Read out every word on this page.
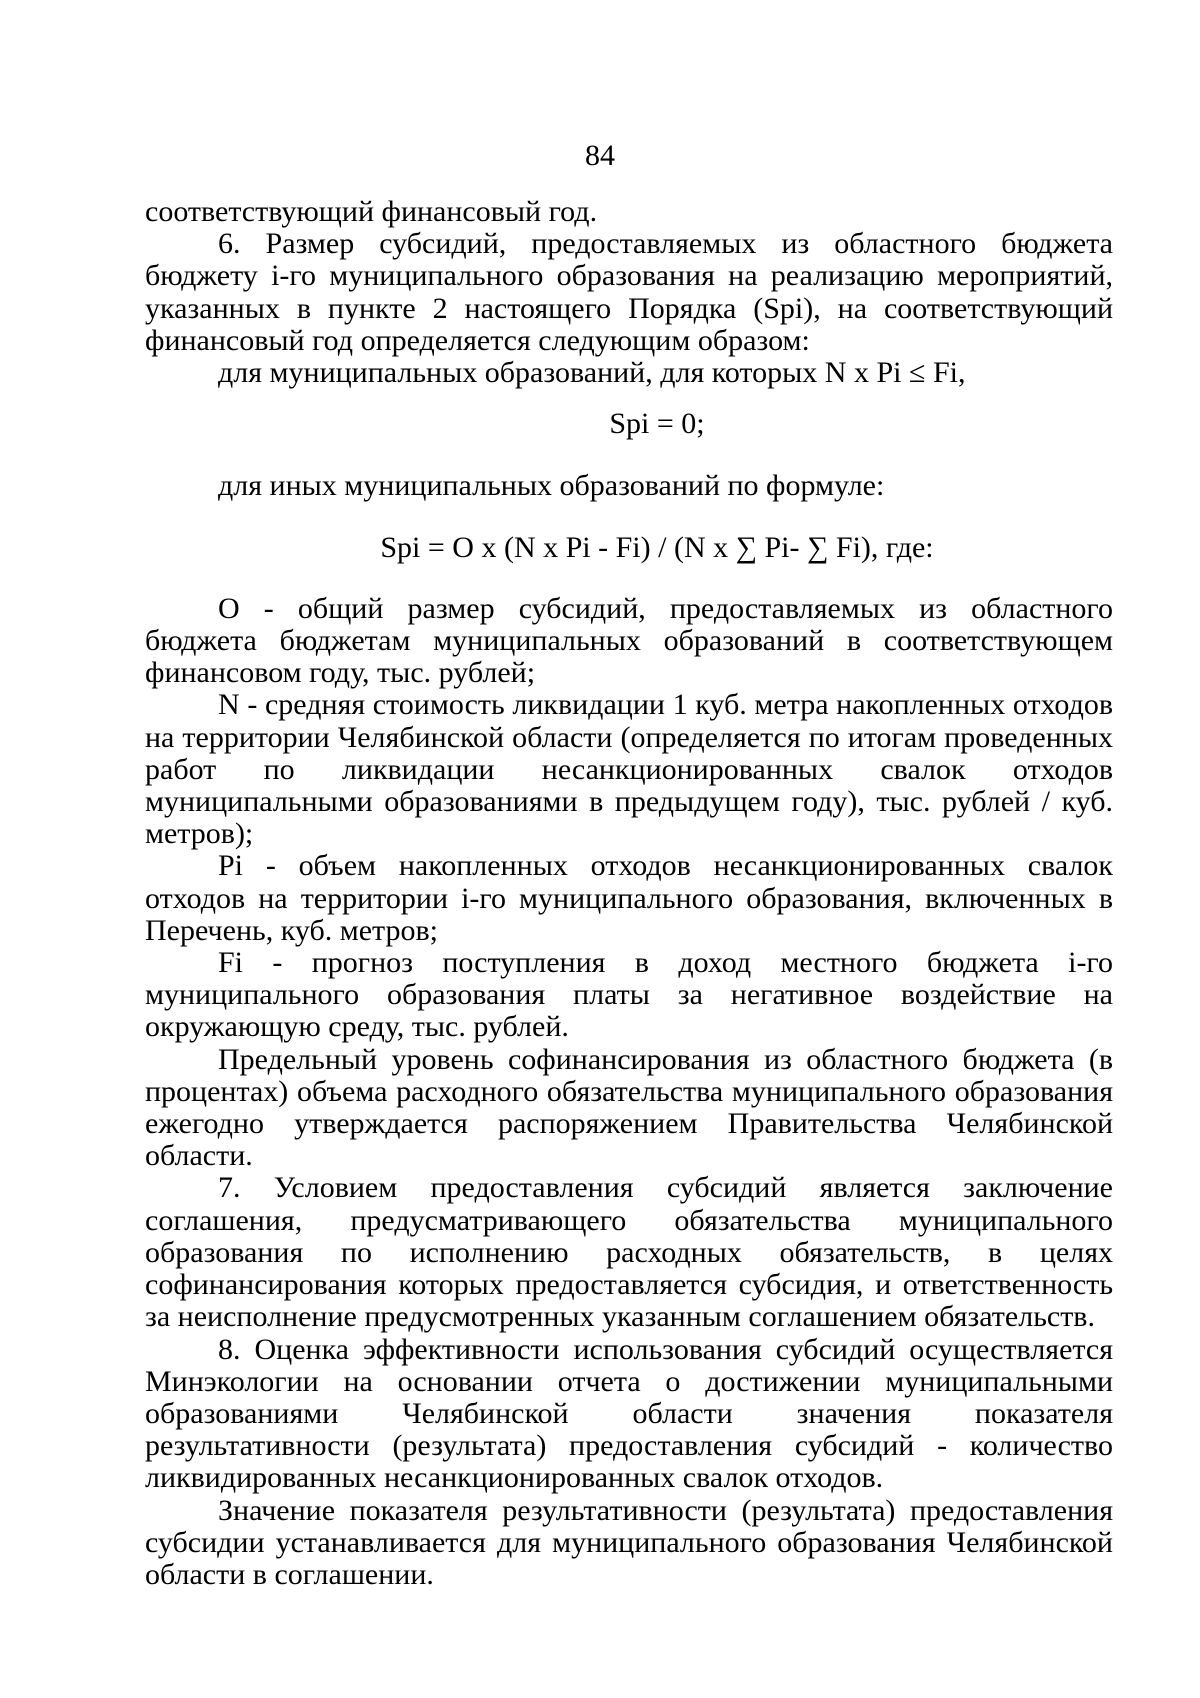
84

соответствующий финансовый год.

6. Размер субсидий, предоставляемых из областного бюджета бюджету i-го муниципального образования на реализацию мероприятий, указанных в пункте 2 настоящего Порядка (Spi), на соответствующий финансовый год определяется следующим образом:

для муниципальных образований, для которых N x Pi ≤ Fi,

Spi = 0;

для иных муниципальных образований по формуле:

Spi = O x (N x Pi - Fi) / (N x ∑ Pi- ∑ Fi), где:

O - общий размер субсидий, предоставляемых из областного бюджета бюджетам муниципальных образований в соответствующем финансовом году, тыс. рублей;

N - средняя стоимость ликвидации 1 куб. метра накопленных отходов на территории Челябинской области (определяется по итогам проведенных работ по ликвидации несанкционированных свалок отходов муниципальными образованиями в предыдущем году), тыс. рублей / куб. метров);

Pi - объем накопленных отходов несанкционированных свалок отходов на территории i-го муниципального образования, включенных в Перечень, куб. метров;

Fi - прогноз поступления в доход местного бюджета i-го муниципального образования платы за негативное воздействие на окружающую среду, тыс. рублей.

Предельный уровень софинансирования из областного бюджета (в процентах) объема расходного обязательства муниципального образования ежегодно утверждается распоряжением Правительства Челябинской области.

7. Условием предоставления субсидий является заключение соглашения, предусматривающего обязательства муниципального образования по исполнению расходных обязательств, в целях софинансирования которых предоставляется субсидия, и ответственность за неисполнение предусмотренных указанным соглашением обязательств.

8. Оценка эффективности использования субсидий осуществляется Минэкологии на основании отчета о достижении муниципальными образованиями Челябинской области значения показателя результативности (результата) предоставления субсидий - количество ликвидированных несанкционированных свалок отходов.

Значение показателя результативности (результата) предоставления субсидии устанавливается для муниципального образования Челябинской области в соглашении.
